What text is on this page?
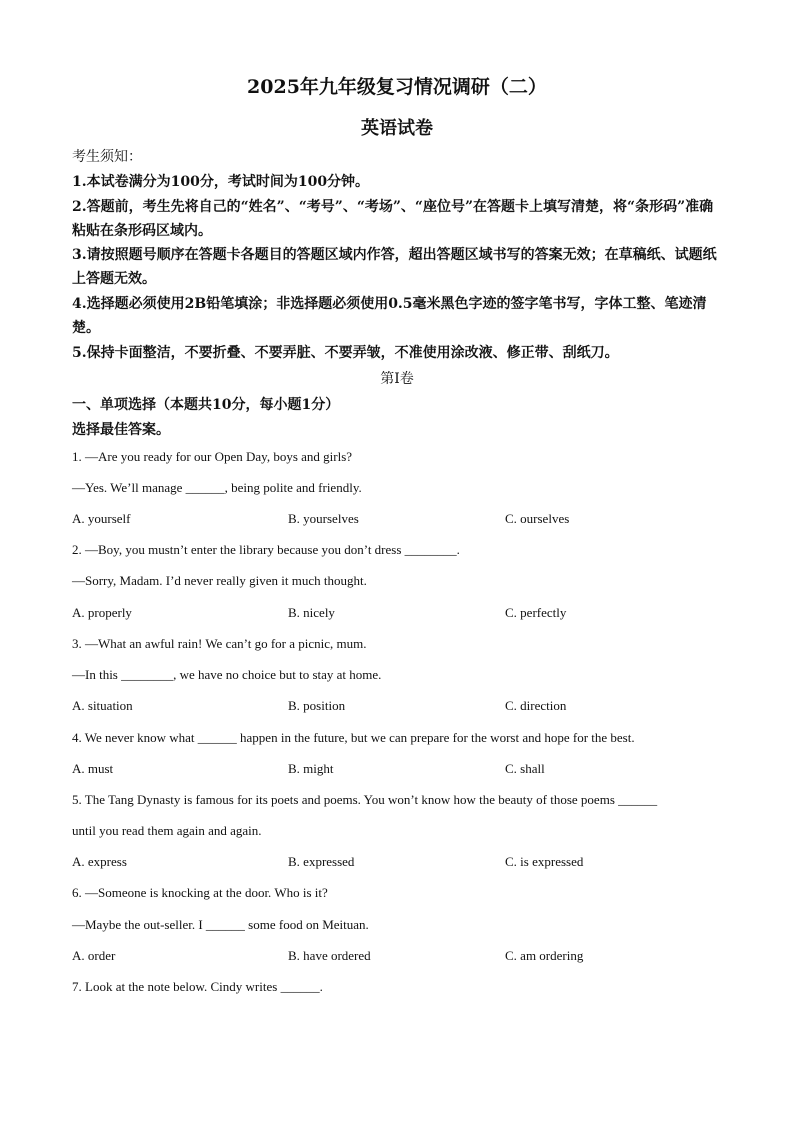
2025年九年级复习情况调研（二）
英语试卷
考生须知：
1.本试卷满分为100分，考试时间为100分钟。
2.答题前，考生先将自己的“姓名”、“考号”、“考场”、“座位号”在答题卡上填写清楚，将“条形码”准确粘贴在条形码区域内。
3.请按照题号顺序在答题卡各题目的答题区域内作答，超出答题区域书写的答案无效；在草稿纸、试题纸上答题无效。
4.选择题必须使用2B铅笔填涂；非选择题必须使用0.5毫米黑色字迹的签字笔书写，字体工整、笔迹清楚。
5.保持卡面整洁，不要折叠、不要弄脏、不要弄皱，不准使用涂改液、修正带、刮纸刀。
第Ⅰ卷
一、单项选择（本题共10分，每小题1分）
选择最佳答案。
1. —Are you ready for our Open Day, boys and girls?
—Yes. We’ll manage ______, being polite and friendly.
A. yourself	B. yourselves	C. ourselves
2. —Boy, you mustn’t enter the library because you don’t dress ________.
—Sorry, Madam. I’d never really given it much thought.
A. properly	B. nicely	C. perfectly
3. —What an awful rain! We can’t go for a picnic, mum.
—In this ________, we have no choice but to stay at home.
A. situation	B. position	C. direction
4. We never know what ______ happen in the future, but we can prepare for the worst and hope for the best.
A. must	B. might	C. shall
5. The Tang Dynasty is famous for its poets and poems. You won’t know how the beauty of those poems ______
until you read them again and again.
A. express	B. expressed	C. is expressed
6. —Someone is knocking at the door. Who is it?
—Maybe the out-seller. I ______ some food on Meituan.
A. order	B. have ordered	C. am ordering
7. Look at the note below. Cindy writes ______.
